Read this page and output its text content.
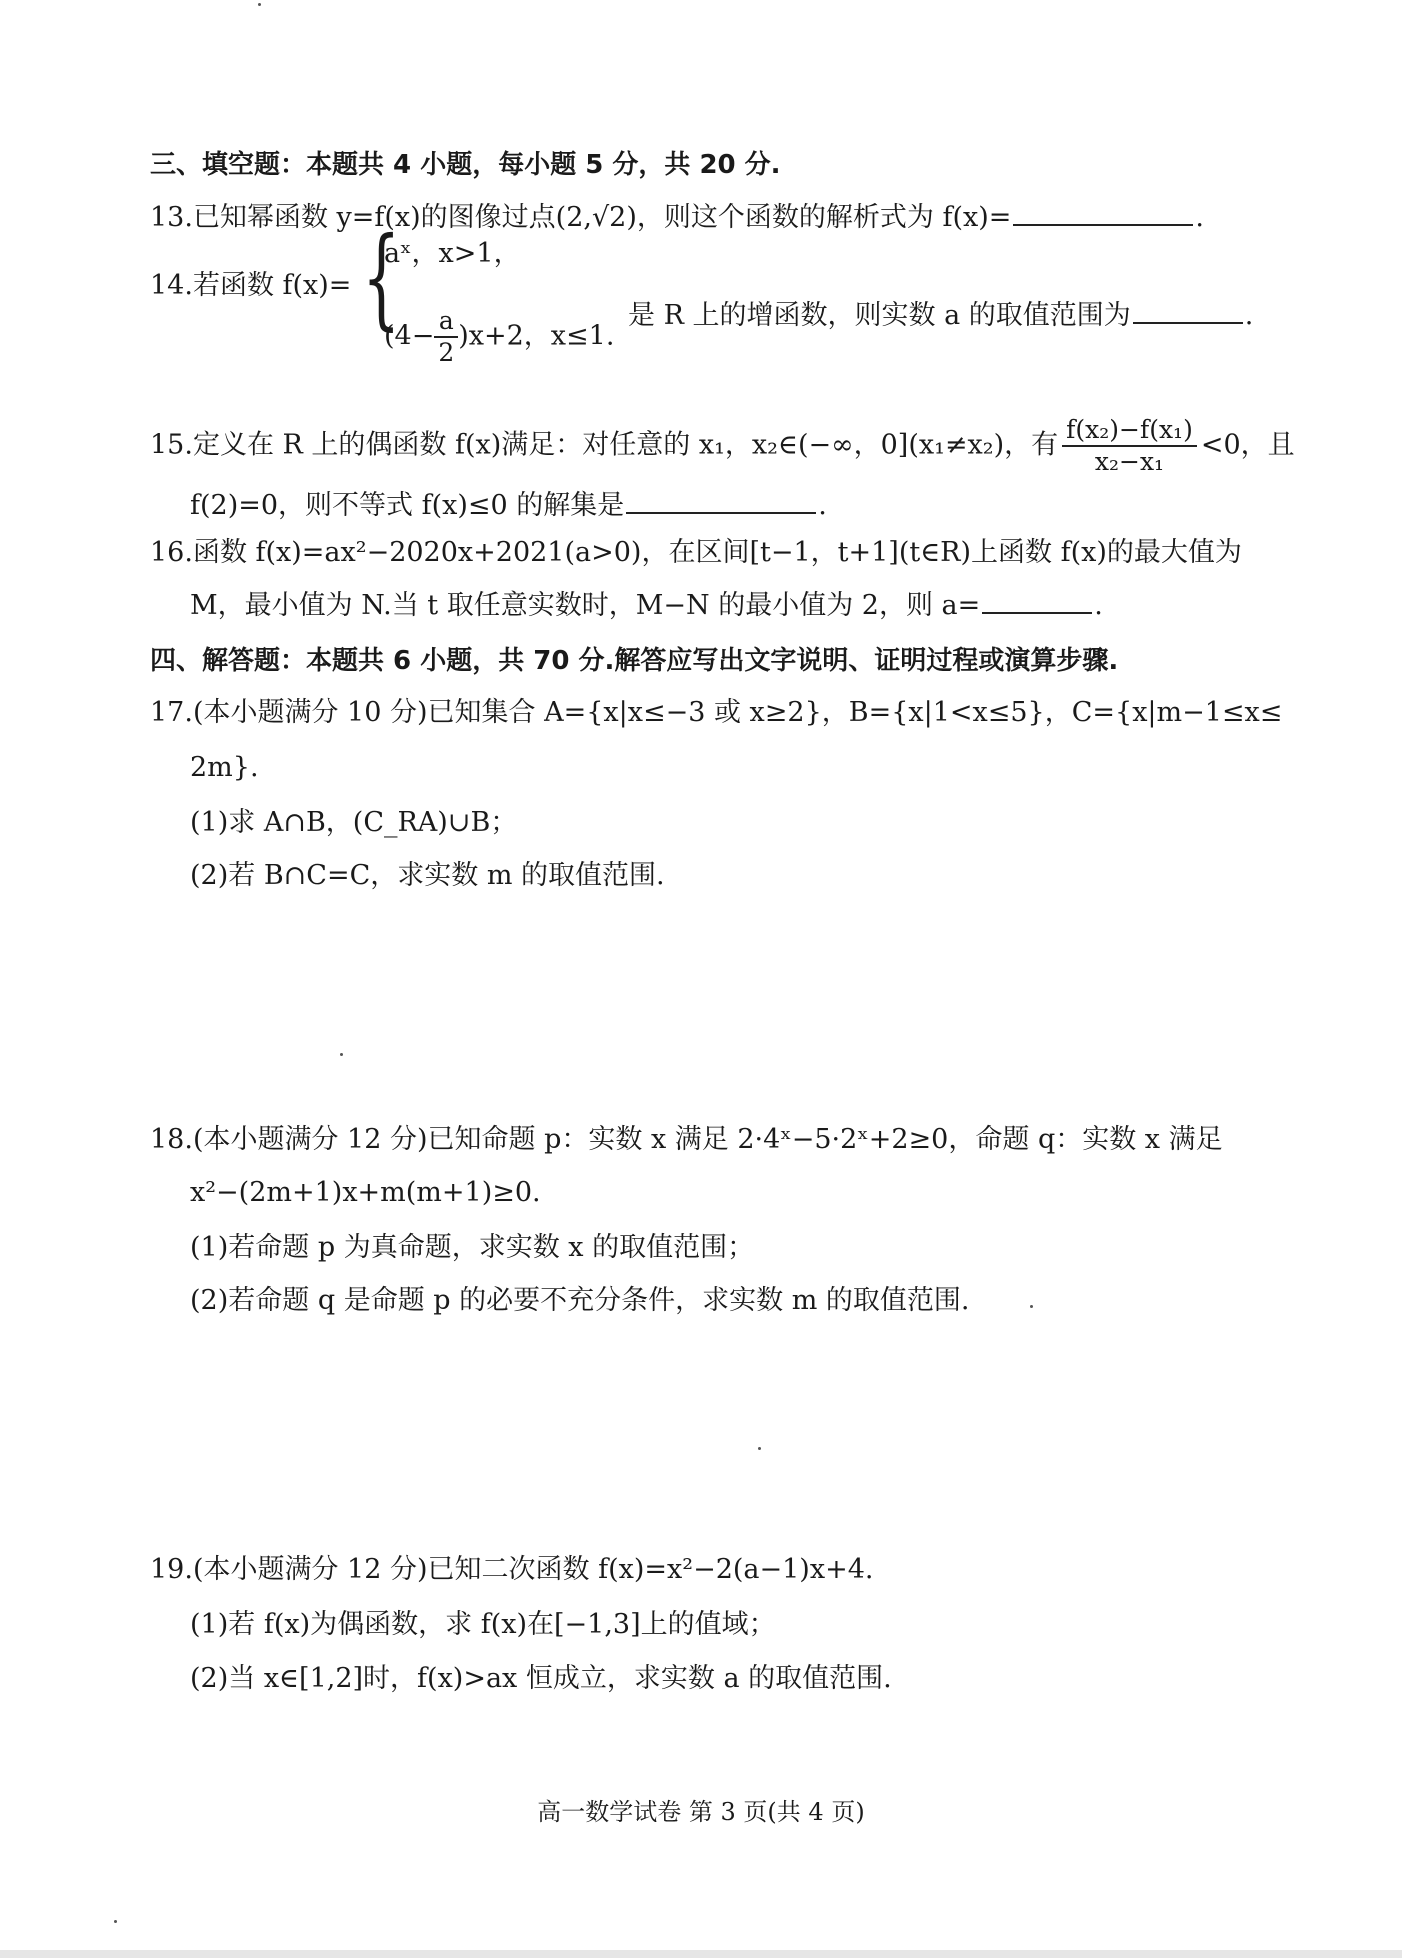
三、填空题：本题共 4 小题，每小题 5 分，共 20 分.
13.已知幂函数 y=f(x)的图像过点(2,√2)，则这个函数的解析式为 f(x)=	.
14.若函数 f(x)= {
aˣ，x>1，
$(4- \frac{a}{2} )x+2$，x≤1.
是 R 上的增函数，则实数 a 的取值范围为	.
15.定义在 R 上的偶函数 f(x)满足：对任意的 x₁，x₂∈(−∞，0](x₁≠x₂)，有 $\frac{\text{f(x₂)−f(x₁)}}{\text{x₂−x₁}} <0$，且
f(2)=0，则不等式 f(x)≤0 的解集是	.
16.函数 f(x)=ax²−2020x+2021(a>0)，在区间[t−1，t+1](t∈R)上函数 f(x)的最大值为
M，最小值为 N.当 t 取任意实数时，M−N 的最小值为 2，则 a=	.
四、解答题：本题共 6 小题，共 70 分.解答应写出文字说明、证明过程或演算步骤.
17.(本小题满分 10 分)已知集合 A={x|x≤−3 或 x≥2}，B={x|1<x≤5}，C={x|m−1≤x≤
2m}.
(1)求 A∩B，(C_RA)∪B；
(2)若 B∩C=C，求实数 m 的取值范围.
18.(本小题满分 12 分)已知命题 p：实数 x 满足 2·4ˣ−5·2ˣ+2≥0，命题 q：实数 x 满足
x²−(2m+1)x+m(m+1)≥0.
(1)若命题 p 为真命题，求实数 x 的取值范围；
(2)若命题 q 是命题 p 的必要不充分条件，求实数 m 的取值范围.
19.(本小题满分 12 分)已知二次函数 f(x)=x²−2(a−1)x+4.
(1)若 f(x)为偶函数，求 f(x)在[−1,3]上的值域；
(2)当 x∈[1,2]时，f(x)>ax 恒成立，求实数 a 的取值范围.
高一数学试卷 第 3 页(共 4 页)
